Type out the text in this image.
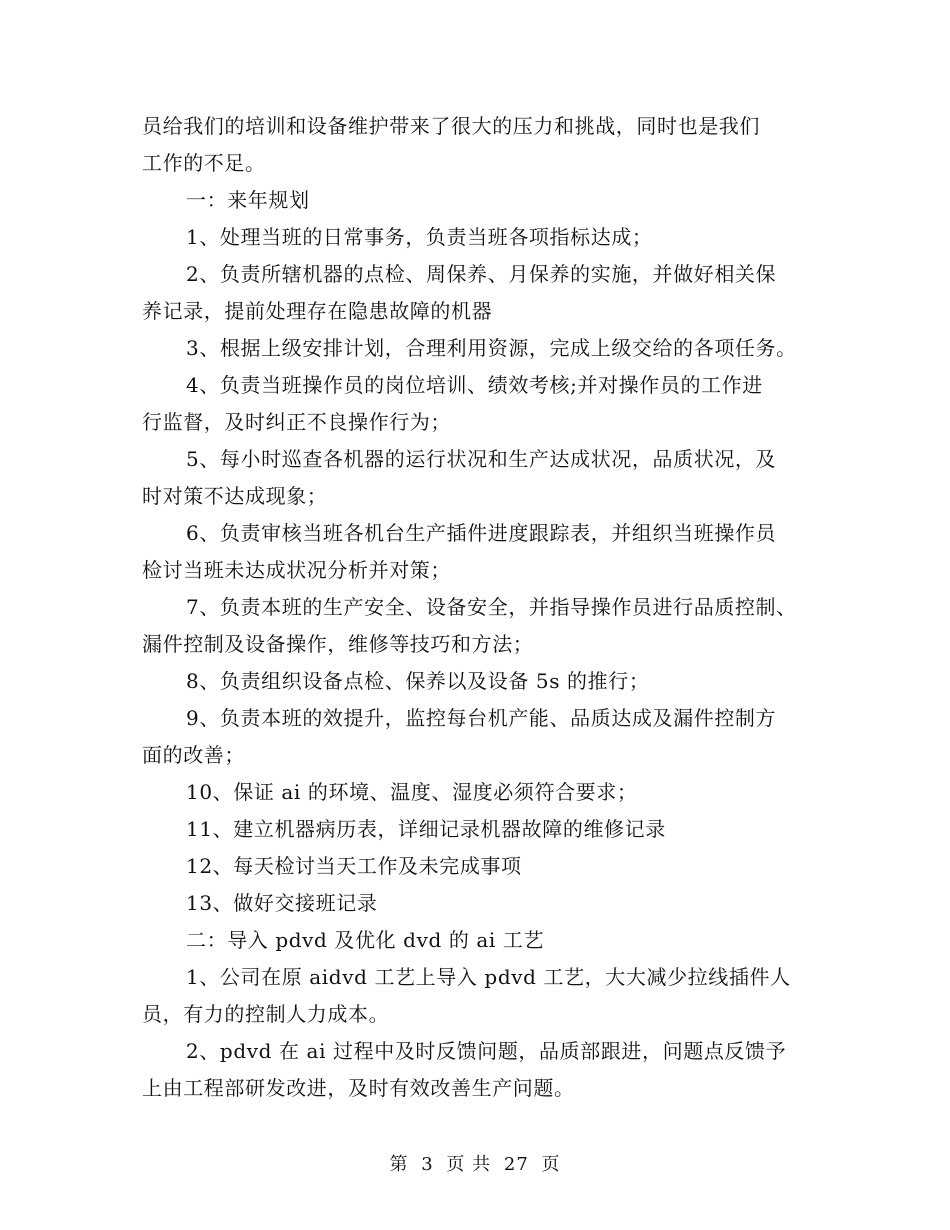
员给我们的培训和设备维护带来了很大的压力和挑战，同时也是我们
工作的不足。
一：来年规划
1、处理当班的日常事务，负责当班各项指标达成；
2、负责所辖机器的点检、周保养、月保养的实施，并做好相关保
养记录，提前处理存在隐患故障的机器
3、根据上级安排计划，合理利用资源，完成上级交给的各项任务。
4、负责当班操作员的岗位培训、绩效考核;并对操作员的工作进
行监督，及时纠正不良操作行为；
5、每小时巡查各机器的运行状况和生产达成状况，品质状况，及
时对策不达成现象；
6、负责审核当班各机台生产插件进度跟踪表，并组织当班操作员
检讨当班未达成状况分析并对策；
7、负责本班的生产安全、设备安全，并指导操作员进行品质控制、
漏件控制及设备操作，维修等技巧和方法；
8、负责组织设备点检、保养以及设备 5s 的推行；
9、负责本班的效提升，监控每台机产能、品质达成及漏件控制方
面的改善；
10、保证 ai 的环境、温度、湿度必须符合要求；
11、建立机器病历表，详细记录机器故障的维修记录
12、每天检讨当天工作及未完成事项
13、做好交接班记录
二：导入 pdvd 及优化 dvd 的 ai 工艺
1、公司在原 aidvd 工艺上导入 pdvd 工艺，大大减少拉线插件人
员，有力的控制人力成本。
2、pdvd 在 ai 过程中及时反馈问题，品质部跟进，问题点反馈予
上由工程部研发改进，及时有效改善生产问题。
第 3 页 共 27 页
